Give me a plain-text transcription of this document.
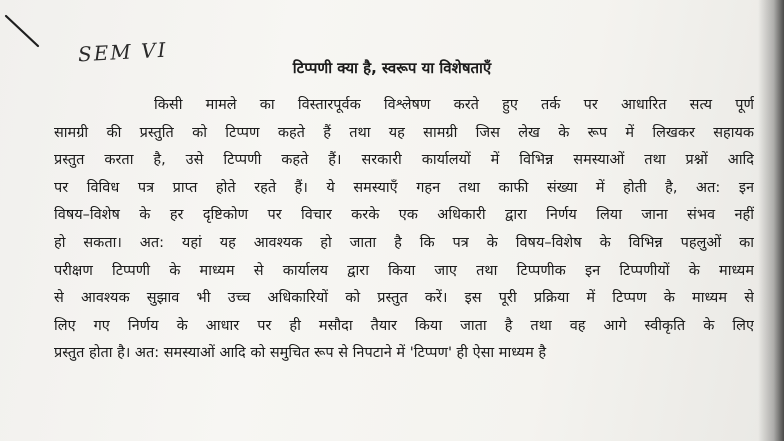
SEM VI
टिप्पणी क्या है, स्वरूप या विशेषताएँ
किसी मामले का विस्तारपूर्वक विश्लेषण करते हुए तर्क पर आधारित सत्य पूर्ण
सामग्री की प्रस्तुति को टिप्पण कहते हैं तथा यह सामग्री जिस लेख के रूप में लिखकर सहायक
प्रस्तुत करता है, उसे टिप्पणी कहते हैं। सरकारी कार्यालयों में विभिन्न समस्याओं तथा प्रश्नों आदि
पर विविध पत्र प्राप्त होते रहते हैं। ये समस्याएँ गहन तथा काफी संख्या में होती है, अत: इन
विषय–विशेष के हर दृष्टिकोण पर विचार करके एक अधिकारी द्वारा निर्णय लिया जाना संभव नहीं
हो सकता। अत: यहां यह आवश्यक हो जाता है कि पत्र के विषय–विशेष के विभिन्न पहलुओं का
परीक्षण टिप्पणी के माध्यम से कार्यालय द्वारा किया जाए तथा टिप्पणीक इन टिप्पणीयों के माध्यम
से आवश्यक सुझाव भी उच्च अधिकारियों को प्रस्तुत करें। इस पूरी प्रक्रिया में टिप्पण के माध्यम से
लिए गए निर्णय के आधार पर ही मसौदा तैयार किया जाता है तथा वह आगे स्वीकृति के लिए
प्रस्तुत होता है। अत: समस्याओं आदि को समुचित रूप से निपटाने में 'टिप्पण' ही ऐसा माध्यम है
